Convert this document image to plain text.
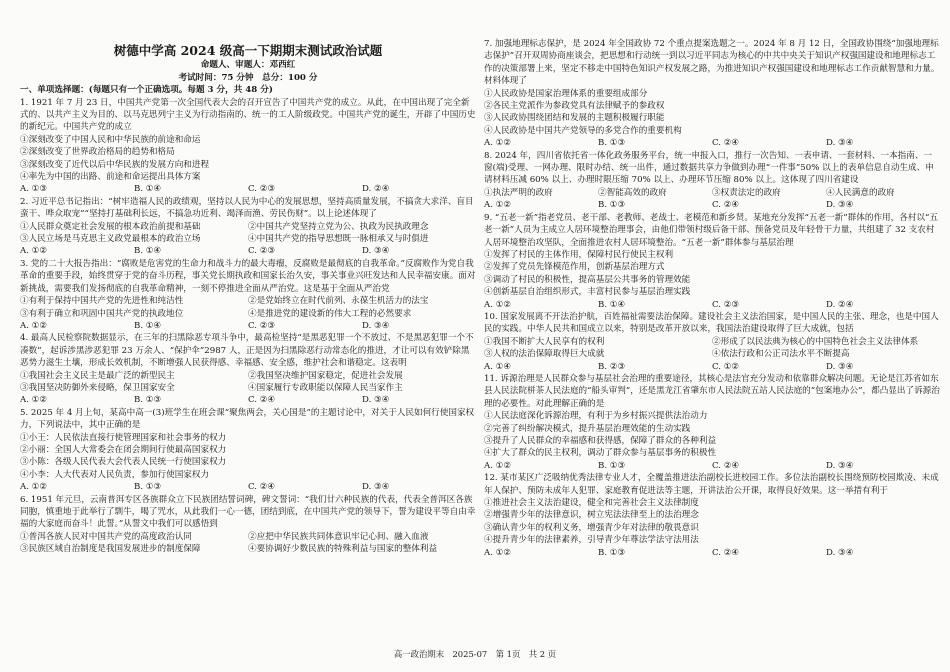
树德中学高 2024 级高一下期期末测试政治试题
命题人、审题人：邓西红
考试时间：75 分钟　总分：100 分
一、单项选择题：(每题只有一个正确选项。每题 3 分，共 48 分)

1. 1921 年 7 月 23 日，中国共产党第一次全国代表大会的召开宣告了中国共产党的成立。从此，在中国出现了完全新式的、以共产主义为目的、以马克思列宁主义为行动指南的、统一的工人阶级政党。中国共产党的诞生，开辟了中国历史的新纪元。中国共产党的成立

①深刻改变了中国人民和中华民族的前途和命运
②深刻改变了世界政治格局的趋势和格局
③深刻改变了近代以后中华民族的发展方向和进程
④率先为中国的出路、前途和命运提出具体方案
A. ①③	B. ①④	C. ②③	D. ②④

2. 习近平总书记指出：“树牢造福人民的政绩观，坚持以人民为中心的发展思想，坚持高质量发展，不搞贪大求洋、盲目蛮干、哗众取宠”“坚持打基础利长远，不搞急功近利、竭泽而渔、劳民伤财”。以上论述体现了

①人民群众奠定社会发展的根本政治前提和基础	②中国共产党坚持立党为公、执政为民执政理念
③人民立场是马克思主义政党最根本的政治立场	④中国共产党的指导思想既一脉相承又与时俱进
A. ①②	B. ①④	C. ②③	D. ③④

3. 党的二十大报告指出：“腐败是危害党的生命力和战斗力的最大毒瘤，反腐败是最彻底的自我革命。”反腐败作为党自我革命的重要手段，始终贯穿于党的奋斗历程，事关党长期执政和国家长治久安，事关事业兴旺发达和人民幸福安康。面对新挑战，需要我们发扬彻底的自我革命精神，一刻不停推进全面从严治党。这是基于全面从严治党

①有利于保持中国共产党的先进性和纯洁性	②是党始终立在时代前列、永葆生机活力的法宝
③有利于确立和巩固中国共产党的执政地位	④是推进党的建设新的伟大工程的必然要求
A. ①②	B. ①④	C. ②③	D. ③④

4. 最高人民检察院数据显示，在三年的扫黑除恶专项斗争中，最高检坚持“是黑恶犯罪一个不放过、不是黑恶犯罪一个不凑数”，起诉涉黑涉恶犯罪 23 万余人、“保护伞”2987 人，正是因为扫黑除恶行动常态化的推进，才让可以有效铲除黑恶势力滋生土壤，形成长效机制，不断增强人民获得感、幸福感、安全感，维护社会和谐稳定。这表明

①我国社会主义民主是最广泛的新型民主	②我国坚决维护国家稳定，促进社会发展
③我国坚决防御外来侵略，保卫国家安全	④国家履行专政职能以保障人民当家作主
A. ①②	B. ①③	C. ②④	D. ③④

5. 2025 年 4 月上旬，某高中高一(3)班学生在班会课“聚焦两会，关心国是”的主题讨论中，对关于人民如何行使国家权力，下列说法中，其中正确的是

①小王：人民依法直接行使管理国家和社会事务的权力
②小丽：全国人大常委会在闭会期间行使最高国家权力
③小陈：各级人民代表大会代表人民统一行使国家权力
④小李：人大代表对人民负责，参加行使国家权力
A. ①②	B. ①③	C. ②④	D. ③④

6. 1951 年元旦，云南普洱专区各族群众立下民族团结誓词碑，碑文誓词：“我们廿六种民族的代表，代表全普洱区各族同胞，慎重地于此举行了剽牛，喝了咒水，从此我们一心一德，团结到底，在中国共产党的领导下，誓为建设平等自由幸福的大家庭而奋斗！此誓。”从誓文中我们可以感悟到

①普洱各族人民对中国共产党的高度政治认同	②应把中华民族共同体意识牢记心间、融入血液
③民族区域自治制度是我国发展进步的制度保障	④要协调好少数民族的特殊利益与国家的整体利益

7. 加强地理标志保护，是 2024 年全国政协 72 个重点提案选题之一。2024 年 8 月 12 日，全国政协围绕“加强地理标志保护”召开双周协商座谈会，把思想和行动统一到以习近平同志为核心的中共中央关于知识产权强国建设和地理标志工作的决策部署上来，坚定不移走中国特色知识产权发展之路，为推进知识产权强国建设和地理标志工作贡献智慧和力量。材料体现了

①人民政协是国家治理体系的重要组成部分
②各民主党派作为参政党具有法律赋予的参政权
③人民政协围绕团结和发展的主题积极履行职能
④人民政协是中国共产党领导的多党合作的重要机构
A. ①②	B. ①③	C. ②④	D. ③④

8. 2024 年，四川省依托省一体化政务服务平台，统一申报入口，推行一次告知、一表申请、一套材料、一本指南、一窗(端)受理、一网办理、限时办结、统一出件，通过数据共享力争做到办理“一件事”50% 以上的表单信息自动生成、申请材料压减 60% 以上、办理时限压缩 70% 以上、办理环节压缩 80% 以上。这体现了四川省建设

①执法严明的政府	②智能高效的政府	③权责法定的政府	④人民满意的政府
A. ①②	B. ①③	C. ②④	D. ③④

9. “五老一新”指老党员、老干部、老教师、老战士、老模范和新乡贤。某地充分发挥“五老一新”群体的作用，各村以“五老一新”人员为主成立人居环境整治理事会，由他们带领村级后备干部、预备党员及年轻骨干力量，共组建了 32 支农村人居环境整治攻坚队，全面推进农村人居环境整治。“五老一新”群体参与基层治理

①发挥了村民的主体作用，保障村民行使民主权利
②发挥了党员先锋模范作用，创新基层治理方式
③调动了村民的积极性，提高基层公共事务的管理效能
④创新基层自治组织形式，丰富村民参与基层治理实践
A. ①②	B. ①④	C. ②③	D. ②④

10. 国家发展离不开法治护航，百姓福祉需要法治保障。建设社会主义法治国家，是中国人民的主张、理念，也是中国人民的实践。中华人民共和国成立以来，特别是改革开放以来，我国法治建设取得了巨大成就，包括

①我国不断扩大人民享有的权利	②形成了以民法典为核心的中国特色社会主义法律体系
③人权的法治保障取得巨大成就	④依法行政和公正司法水平不断提高
A. ①④	B. ②③	C. ①②	D. ③④

11. 诉源治理是人民群众参与基层社会治理的重要途径，其核心是法官充分发动和依靠群众解决问题。无论是江苏省如东县人民法院栟茶人民法庭的“船头审判”，还是黑龙江省肇东市人民法院五站人民法庭的“包案地办公”，都凸显出了诉源治理的必要性。对此理解正确的是

①人民法庭深化诉源治理，有利于为乡村振兴提供法治动力
②完善了纠纷解决模式，提升基层治理效能的生动实践
③提升了人民群众的幸福感和获得感，保障了群众的各种利益
④扩大了群众的民主权利，调动了群众参与基层事务的积极性
A. ①②	B. ①③	C. ②④	D. ③④

12. 某市某区广泛吸纳优秀法律专业人才，全覆盖推进法治副校长进校园工作。多位法治副校长围绕预防校园欺凌、未成年人保护、预防未成年人犯罪、家庭教育促进法等主题，开讲法治公开课，取得良好效果。这一举措有利于

①推进社会主义法治建设，健全和完善社会主义法律制度
②增强青少年的法律意识，树立宪法法律至上的法治理念
③确认青少年的权利义务，增强青少年对法律的敬畏意识
④提升青少年的法律素养，引导青少年尊法学法守法用法
A. ①②	B. ①③	C. ②④	D. ③④
高一政治期末　2025-07　第 1页　共 2 页
